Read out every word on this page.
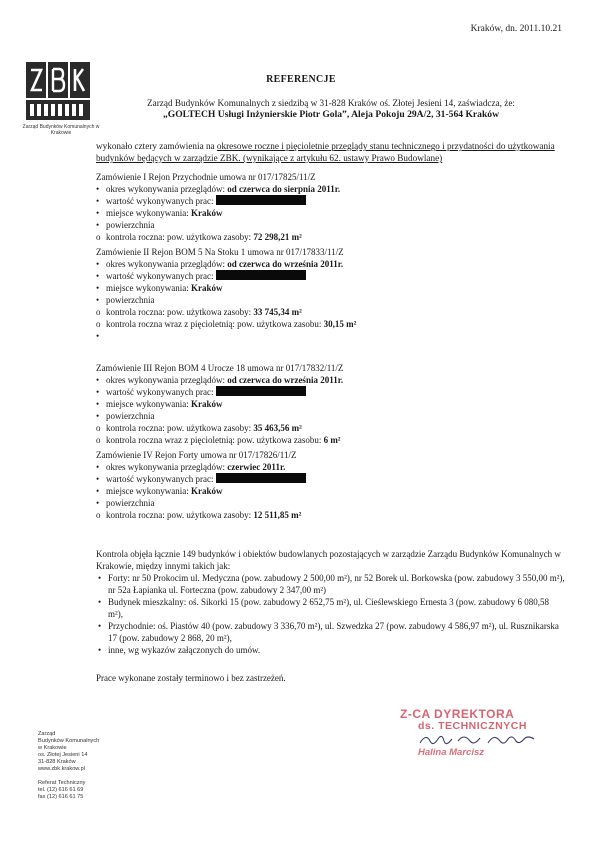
Zarząd Budynków Komunalnych w Krakowie
Kraków, dn. 2011.10.21
REFERENCJE
Zarząd Budynków Komunalnych z siedzibą w 31-828 Kraków oś. Złotej Jesieni 14, zaświadcza, że:
„GOLTECH Usługi Inżynierskie Piotr Gola”, Aleja Pokoju 29A/2, 31-564 Kraków
wykonało cztery zamówienia na okresowe roczne i pięcioletnie przeglądy stanu technicznego i przydatności do użytkowania budynków będących w zarządzie ZBK. (wynikające z artykułu 62. ustawy Prawo Budowlane)
Zamówienie I Rejon Przychodnie umowa nr 017/17825/11/Z
• okres wykonywania przeglądów: od czerwca do sierpnia 2011r.
• wartość wykonywanych prac:
• miejsce wykonywania: Kraków
• powierzchnia
o kontrola roczna: pow. użytkowa zasoby: 72 298,21 m²
Zamówienie II Rejon BOM 5 Na Stoku 1 umowa nr 017/17833/11/Z
• okres wykonywania przeglądów: od czerwca do września 2011r.
• wartość wykonywanych prac:
• miejsce wykonywania: Kraków
• powierzchnia
o kontrola roczna: pow. użytkowa zasoby: 33 745,34 m²
o kontrola roczna wraz z pięcioletnią: pow. użytkowa zasobu: 30,15 m²
•

Zamówienie III Rejon BOM 4 Urocze 18 umowa nr 017/17832/11/Z
• okres wykonywania przeglądów: od czerwca do września 2011r.
• wartość wykonywanych prac:
• miejsce wykonywania: Kraków
• powierzchnia
o kontrola roczna: pow. użytkowa zasoby: 35 463,56 m²
o kontrola roczna wraz z pięcioletnią: pow. użytkowa zasobu: 6 m²
Zamówienie IV Rejon Forty umowa nr 017/17826/11/Z
• okres wykonywania przeglądów: czerwiec 2011r.
• wartość wykonywanych prac:
• miejsce wykonywania: Kraków
• powierzchnia
o kontrola roczna: pow. użytkowa zasoby: 12 511,85 m²
Kontrola objęła łącznie 149 budynków i obiektów budowlanych pozostających w zarządzie Zarządu Budynków Komunalnych w Krakowie, między innymi takich jak:
• Forty: nr 50 Prokocim ul. Medyczna (pow. zabudowy 2 500,00 m²), nr 52 Borek ul. Borkowska (pow. zabudowy 3 550,00 m²), nr 52a Łapianka ul. Forteczna (pow. zabudowy 2 347,00 m²)
• Budynek mieszkalny: oś. Sikorki 15 (pow. zabudowy 2 652,75 m²), ul. Cieślewskiego Ernesta 3 (pow. zabudowy 6 080,58 m²),
• Przychodnie: oś. Piastów 40 (pow. zabudowy 3 336,70 m²), ul. Szwedzka 27 (pow. zabudowy 4 586,97 m²), ul. Rusznikarska 17 (pow. zabudowy 2 868, 20 m²),
• inne, wg wykazów załączonych do umów.
Prace wykonane zostały terminowo i bez zastrzeżeń.
Zarząd
Budynków Komunalnych
w Krakowie
os. Złotej Jesieni 14
31-828 Kraków
www.zbk.krakow.pl

Referat Techniczny
tel. (12) 616 61 69
fax (12) 616 61 75
Z-CA DYREKTORA
ds. TECHNICZNYCH
Halina Marcisz
